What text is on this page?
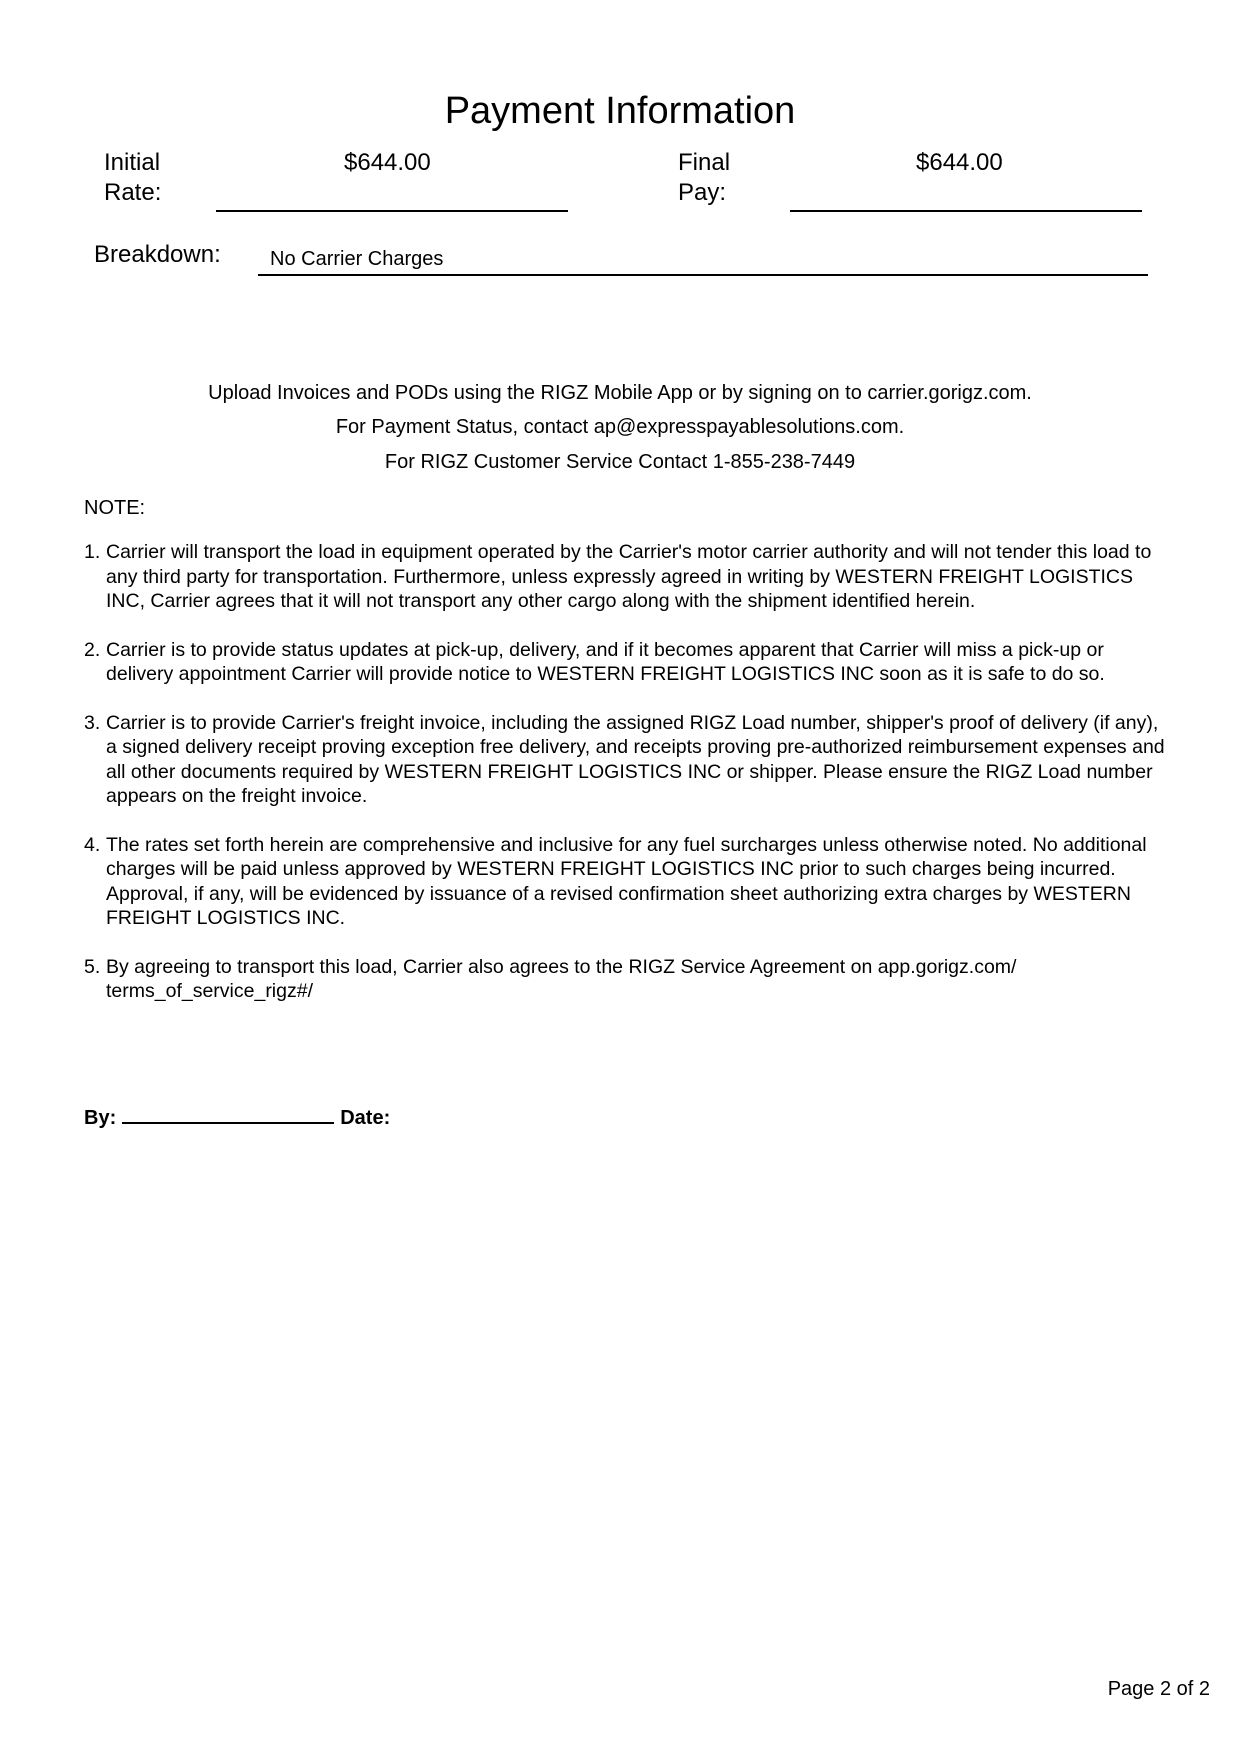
Payment Information
Initial
Rate:
$644.00	Final
Pay:
$644.00
Breakdown: No Carrier Charges
Upload Invoices and PODs using the RIGZ Mobile App or by signing on to carrier.gorigz.com.
For Payment Status, contact ap@expresspayablesolutions.com.
For RIGZ Customer Service Contact 1-855-238-7449
NOTE:
1. Carrier will transport the load in equipment operated by the Carrier's motor carrier authority and will not tender this load to any third party for transportation. Furthermore, unless expressly agreed in writing by WESTERN FREIGHT LOGISTICS INC, Carrier agrees that it will not transport any other cargo along with the shipment identified herein.
2. Carrier is to provide status updates at pick-up, delivery, and if it becomes apparent that Carrier will miss a pick-up or delivery appointment Carrier will provide notice to WESTERN FREIGHT LOGISTICS INC soon as it is safe to do so.
3. Carrier is to provide Carrier's freight invoice, including the assigned RIGZ Load number, shipper's proof of delivery (if any), a signed delivery receipt proving exception free delivery, and receipts proving pre-authorized reimbursement expenses and all other documents required by WESTERN FREIGHT LOGISTICS INC or shipper. Please ensure the RIGZ Load number appears on the freight invoice.
4. The rates set forth herein are comprehensive and inclusive for any fuel surcharges unless otherwise noted. No additional charges will be paid unless approved by WESTERN FREIGHT LOGISTICS INC prior to such charges being incurred. Approval, if any, will be evidenced by issuance of a revised confirmation sheet authorizing extra charges by WESTERN FREIGHT LOGISTICS INC.
5. By agreeing to transport this load, Carrier also agrees to the RIGZ Service Agreement on app.gorigz.com/ terms_of_service_rigz#/
By:	Date:
Page 2 of 2
